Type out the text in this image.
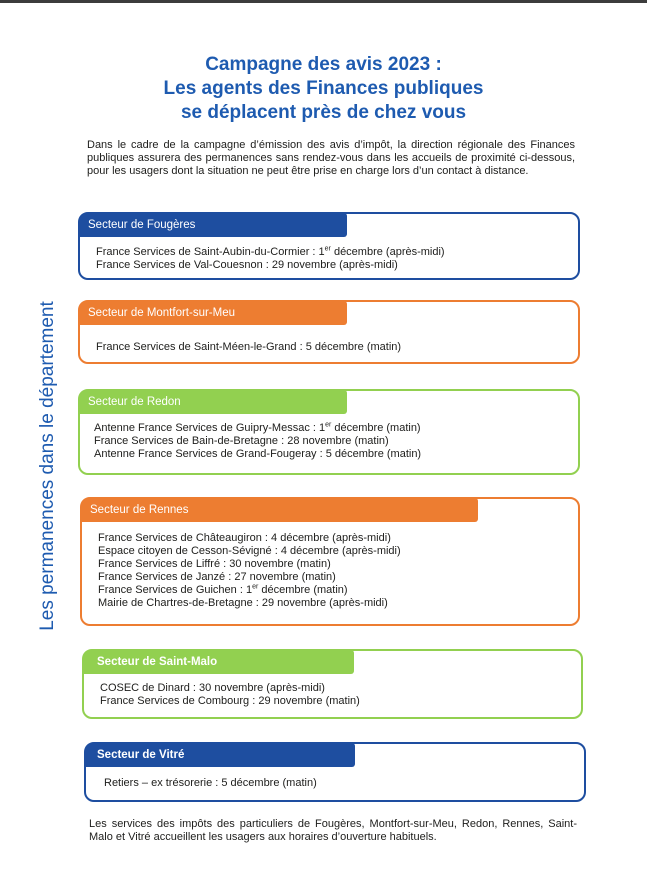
Campagne des avis 2023 :
Les agents des Finances publiques
se déplacent près de chez vous
Dans le cadre de la campagne d’émission des avis d’impôt, la direction régionale des Finances publiques assurera des permanences sans rendez-vous dans les accueils de proximité ci-dessous, pour les usagers dont la situation ne peut être prise en charge lors d’un contact à distance.
Les permanences dans le département
Secteur de Fougères
France Services de Saint-Aubin-du-Cormier : 1er décembre (après-midi)
France Services de Val-Couesnon : 29 novembre (après-midi)
Secteur de Montfort-sur-Meu
France Services de Saint-Méen-le-Grand : 5 décembre (matin)
Secteur de Redon
Antenne France Services de Guipry-Messac : 1er décembre (matin)
France Services de Bain-de-Bretagne : 28 novembre (matin)
Antenne France Services de Grand-Fougeray : 5 décembre (matin)
Secteur de Rennes
France Services de Châteaugiron : 4 décembre (après-midi)
Espace citoyen de Cesson-Sévigné : 4 décembre (après-midi)
France Services de Liffré : 30 novembre (matin)
France Services de Janzé : 27 novembre (matin)
France Services de Guichen : 1er décembre (matin)
Mairie de Chartres-de-Bretagne : 29 novembre (après-midi)
Secteur de Saint-Malo
COSEC de Dinard : 30 novembre (après-midi)
France Services de Combourg : 29 novembre (matin)
Secteur de Vitré
Retiers – ex trésorerie : 5 décembre (matin)
Les services des impôts des particuliers de Fougères, Montfort-sur-Meu, Redon, Rennes, Saint-Malo et Vitré accueillent les usagers aux horaires d’ouverture habituels.
